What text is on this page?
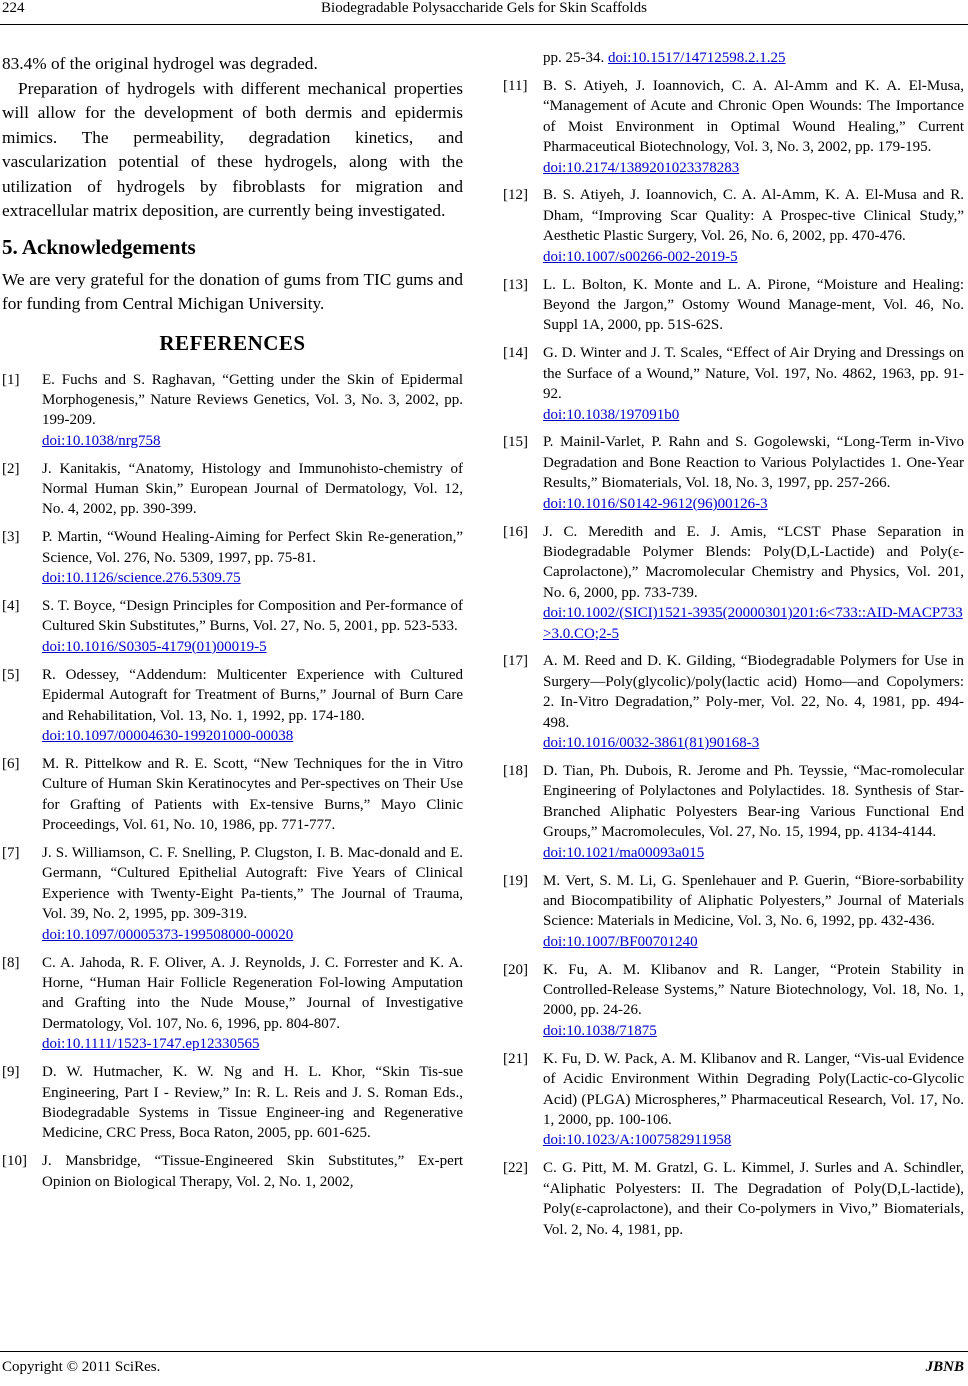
224	Biodegradable Polysaccharide Gels for Skin Scaffolds

83.4% of the original hydrogel was degraded.

Preparation of hydrogels with different mechanical properties will allow for the development of both dermis and epidermis mimics. The permeability, degradation kinetics, and vascularization potential of these hydrogels, along with the utilization of hydrogels by fibroblasts for migration and extracellular matrix deposition, are currently being investigated.

5. Acknowledgements

We are very grateful for the donation of gums from TIC gums and for funding from Central Michigan University.

REFERENCES
[1] E. Fuchs and S. Raghavan, “Getting under the Skin of Epidermal Morphogenesis,” Nature Reviews Genetics, Vol. 3, No. 3, 2002, pp. 199-209.
doi:10.1038/nrg758
[2] J. Kanitakis, “Anatomy, Histology and Immunohisto-chemistry of Normal Human Skin,” European Journal of Dermatology, Vol. 12, No. 4, 2002, pp. 390-399.
[3] P. Martin, “Wound Healing-Aiming for Perfect Skin Re-generation,” Science, Vol. 276, No. 5309, 1997, pp. 75-81.
doi:10.1126/science.276.5309.75
[4] S. T. Boyce, “Design Principles for Composition and Per-formance of Cultured Skin Substitutes,” Burns, Vol. 27, No. 5, 2001, pp. 523-533.
doi:10.1016/S0305-4179(01)00019-5
[5] R. Odessey, “Addendum: Multicenter Experience with Cultured Epidermal Autograft for Treatment of Burns,” Journal of Burn Care and Rehabilitation, Vol. 13, No. 1, 1992, pp. 174-180.
doi:10.1097/00004630-199201000-00038
[6] M. R. Pittelkow and R. E. Scott, “New Techniques for the in Vitro Culture of Human Skin Keratinocytes and Per-spectives on Their Use for Grafting of Patients with Ex-tensive Burns,” Mayo Clinic Proceedings, Vol. 61, No. 10, 1986, pp. 771-777.
[7] J. S. Williamson, C. F. Snelling, P. Clugston, I. B. Mac-donald and E. Germann, “Cultured Epithelial Autograft: Five Years of Clinical Experience with Twenty-Eight Pa-tients,” The Journal of Trauma, Vol. 39, No. 2, 1995, pp. 309-319.
doi:10.1097/00005373-199508000-00020
[8] C. A. Jahoda, R. F. Oliver, A. J. Reynolds, J. C. Forrester and K. A. Horne, “Human Hair Follicle Regeneration Fol-lowing Amputation and Grafting into the Nude Mouse,” Journal of Investigative Dermatology, Vol. 107, No. 6, 1996, pp. 804-807.
doi:10.1111/1523-1747.ep12330565
[9] D. W. Hutmacher, K. W. Ng and H. L. Khor, “Skin Tis-sue Engineering, Part I - Review,” In: R. L. Reis and J. S. Roman Eds., Biodegradable Systems in Tissue Engineer-ing and Regenerative Medicine, CRC Press, Boca Raton, 2005, pp. 601-625.
[10] J. Mansbridge, “Tissue-Engineered Skin Substitutes,” Ex-pert Opinion on Biological Therapy, Vol. 2, No. 1, 2002,
pp. 25-34. doi:10.1517/14712598.2.1.25
[11] B. S. Atiyeh, J. Ioannovich, C. A. Al-Amm and K. A. El-Musa, “Management of Acute and Chronic Open Wounds: The Importance of Moist Environment in Optimal Wound Healing,” Current Pharmaceutical Biotechnology, Vol. 3, No. 3, 2002, pp. 179-195.
doi:10.2174/1389201023378283
[12] B. S. Atiyeh, J. Ioannovich, C. A. Al-Amm, K. A. El-Musa and R. Dham, “Improving Scar Quality: A Prospec-tive Clinical Study,” Aesthetic Plastic Surgery, Vol. 26, No. 6, 2002, pp. 470-476.
doi:10.1007/s00266-002-2019-5
[13] L. L. Bolton, K. Monte and L. A. Pirone, “Moisture and Healing: Beyond the Jargon,” Ostomy Wound Manage-ment, Vol. 46, No. Suppl 1A, 2000, pp. 51S-62S.
[14] G. D. Winter and J. T. Scales, “Effect of Air Drying and Dressings on the Surface of a Wound,” Nature, Vol. 197, No. 4862, 1963, pp. 91-92.
doi:10.1038/197091b0
[15] P. Mainil-Varlet, P. Rahn and S. Gogolewski, “Long-Term in-Vivo Degradation and Bone Reaction to Various Polylactides 1. One-Year Results,” Biomaterials, Vol. 18, No. 3, 1997, pp. 257-266.
doi:10.1016/S0142-9612(96)00126-3
[16] J. C. Meredith and E. J. Amis, “LCST Phase Separation in Biodegradable Polymer Blends: Poly(D,L-Lactide) and Poly(ε-Caprolactone),” Macromolecular Chemistry and Physics, Vol. 201, No. 6, 2000, pp. 733-739.
doi:10.1002/(SICI)1521-3935(20000301)201:6<733::AID-MACP733>3.0.CO;2-5
[17] A. M. Reed and D. K. Gilding, “Biodegradable Polymers for Use in Surgery—Poly(glycolic)/poly(lactic acid) Homo—and Copolymers: 2. In-Vitro Degradation,” Poly-mer, Vol. 22, No. 4, 1981, pp. 494-498.
doi:10.1016/0032-3861(81)90168-3
[18] D. Tian, Ph. Dubois, R. Jerome and Ph. Teyssie, “Mac-romolecular Engineering of Polylactones and Polylactides. 18. Synthesis of Star-Branched Aliphatic Polyesters Bear-ing Various Functional End Groups,” Macromolecules, Vol. 27, No. 15, 1994, pp. 4134-4144.
doi:10.1021/ma00093a015
[19] M. Vert, S. M. Li, G. Spenlehauer and P. Guerin, “Biore-sorbability and Biocompatibility of Aliphatic Polyesters,” Journal of Materials Science: Materials in Medicine, Vol. 3, No. 6, 1992, pp. 432-436.
doi:10.1007/BF00701240
[20] K. Fu, A. M. Klibanov and R. Langer, “Protein Stability in Controlled-Release Systems,” Nature Biotechnology, Vol. 18, No. 1, 2000, pp. 24-26.
doi:10.1038/71875
[21] K. Fu, D. W. Pack, A. M. Klibanov and R. Langer, “Vis-ual Evidence of Acidic Environment Within Degrading Poly(Lactic-co-Glycolic Acid) (PLGA) Microspheres,” Pharmaceutical Research, Vol. 17, No. 1, 2000, pp. 100-106.
doi:10.1023/A:1007582911958
[22] C. G. Pitt, M. M. Gratzl, G. L. Kimmel, J. Surles and A. Schindler, “Aliphatic Polyesters: II. The Degradation of Poly(D,L-lactide), Poly(ε-caprolactone), and their Co-polymers in Vivo,” Biomaterials, Vol. 2, No. 4, 1981, pp.
Copyright © 2011 SciRes.	JBNB
